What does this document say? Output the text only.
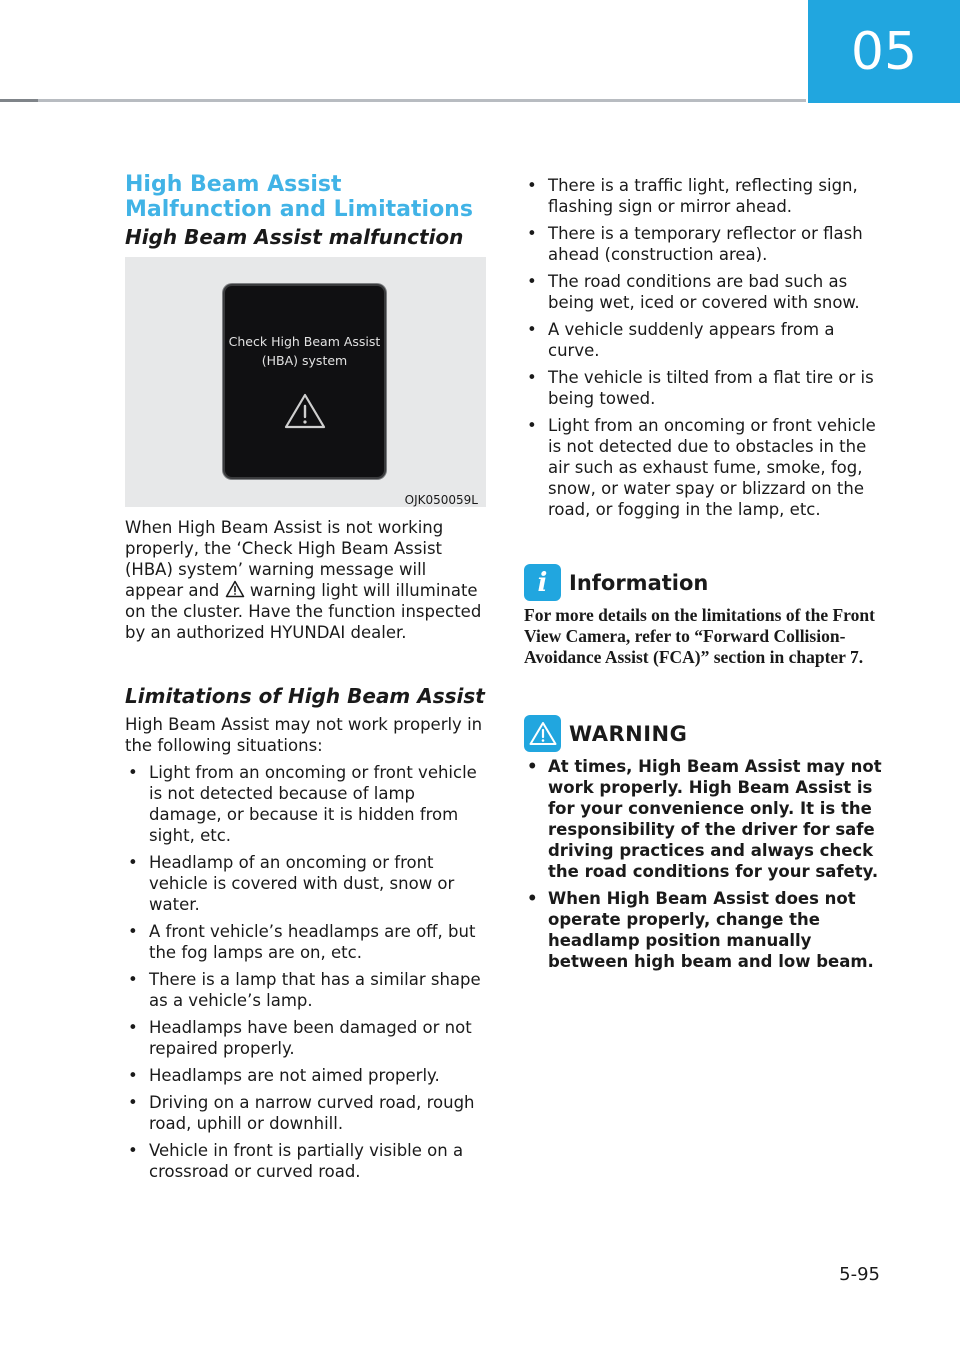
05
High Beam Assist Malfunction and Limitations
High Beam Assist malfunction
Check High Beam Assist
(HBA) system
OJK050059L

When High Beam Assist is not working properly, the ‘Check High Beam Assist (HBA) system’ warning message will appear and warning light will illuminate on the cluster. Have the function inspected by an authorized HYUNDAI dealer.

Limitations of High Beam Assist

High Beam Assist may not work properly in the following situations:

• Light from an oncoming or front vehicle is not detected because of lamp damage, or because it is hidden from sight, etc.
• Headlamp of an oncoming or front vehicle is covered with dust, snow or water.
• A front vehicle’s headlamps are off, but the fog lamps are on, etc.
• There is a lamp that has a similar shape as a vehicle’s lamp.
• Headlamps have been damaged or not repaired properly.
• Headlamps are not aimed properly.
• Driving on a narrow curved road, rough road, uphill or downhill.
• Vehicle in front is partially visible on a crossroad or curved road.
• There is a traffic light, reflecting sign, flashing sign or mirror ahead.
• There is a temporary reflector or flash ahead (construction area).
• The road conditions are bad such as being wet, iced or covered with snow.
• A vehicle suddenly appears from a curve.
• The vehicle is tilted from a flat tire or is being towed.
• Light from an oncoming or front vehicle is not detected due to obstacles in the air such as exhaust fume, smoke, fog, snow, or water spay or blizzard on the road, or fogging in the lamp, etc.
i	Information

For more details on the limitations of the Front View Camera, refer to “Forward Collision-Avoidance Assist (FCA)” section in chapter 7.

WARNING
• At times, High Beam Assist may not work properly. High Beam Assist is for your convenience only. It is the responsibility of the driver for safe driving practices and always check the road conditions for your safety.
• When High Beam Assist does not operate properly, change the headlamp position manually between high beam and low beam.
5-95
